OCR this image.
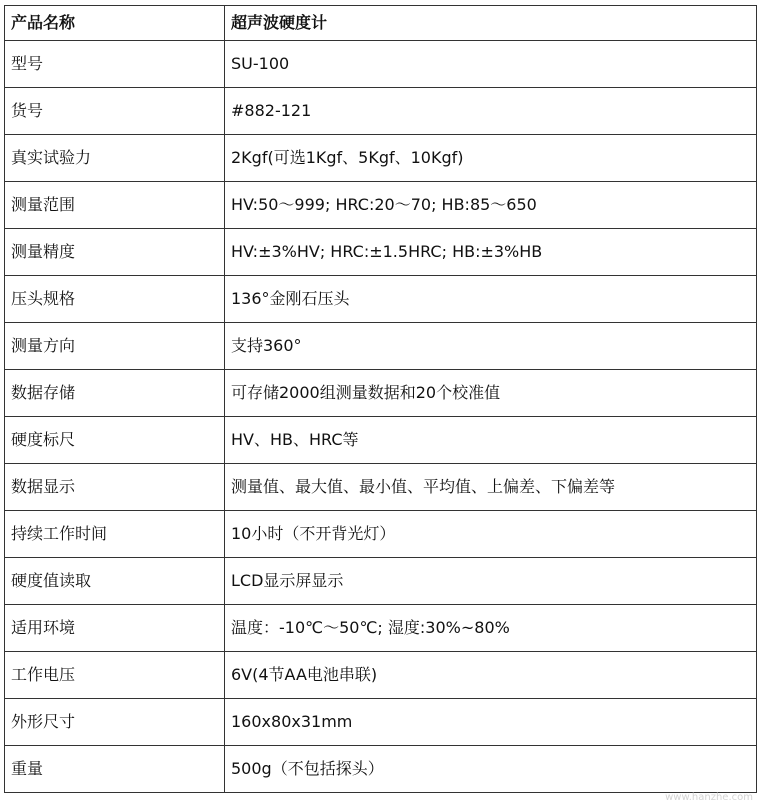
产品名称	超声波硬度计
型号	SU-100
货号	#882-121
真实试验力	2Kgf(可选1Kgf、5Kgf、10Kgf)
测量范围	HV:50～999; HRC:20～70; HB:85～650
测量精度	HV:±3%HV; HRC:±1.5HRC; HB:±3%HB
压头规格	136°金刚石压头
测量方向	支持360°
数据存储	可存储2000组测量数据和20个校准值
硬度标尺	HV、HB、HRC等
数据显示	测量值、最大值、最小值、平均值、上偏差、下偏差等
持续工作时间	10小时（不开背光灯）
硬度值读取	LCD显示屏显示
适用环境	温度：-10℃～50℃; 湿度:30%~80%
工作电压	6V(4节AA电池串联)
外形尺寸	160x80x31mm
重量	500g（不包括探头）
www.hanzhe.com
